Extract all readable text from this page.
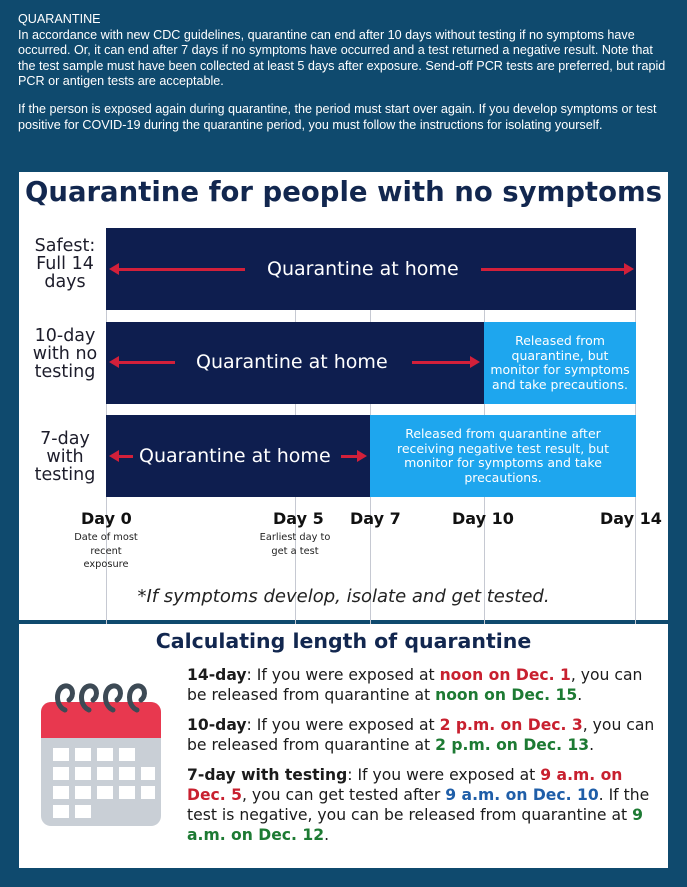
QUARANTINE

In accordance with new CDC guidelines, quarantine can end after 10 days without testing if no symptoms have occurred. Or, it can end after 7 days if no symptoms have occurred and a test returned a negative result. Note that the test sample must have been collected at least 5 days after exposure. Send-off PCR tests are preferred, but rapid PCR or antigen tests are acceptable.

If the person is exposed again during quarantine, the period must start over again. If you develop symptoms or test positive for COVID-19 during the quarantine period, you must follow the instructions for isolating yourself.

Quarantine for people with no symptoms
Safest:
Full 14
days
Quarantine at home
10-day
with no
testing	Quarantine at home
Released from quarantine, but monitor for symptoms and take precautions.
7-day
with
testing
Quarantine at home
Released from quarantine after receiving negative test result, but monitor for symptoms and take precautions.
Day 0
Date of most recent exposure
Day 5
Earliest day to get a test
Day 7	Day 10	Day 14
*If symptoms develop, isolate and get tested.
Calculating length of quarantine

14-day: If you were exposed at noon on Dec. 1, you can be released from quarantine at noon on Dec. 15.

10-day: If you were exposed at 2 p.m. on Dec. 3, you can be released from quarantine at 2 p.m. on Dec. 13.

7-day with testing: If you were exposed at 9 a.m. on Dec. 5, you can get tested after 9 a.m. on Dec. 10. If the test is negative, you can be released from quarantine at 9 a.m. on Dec. 12.
